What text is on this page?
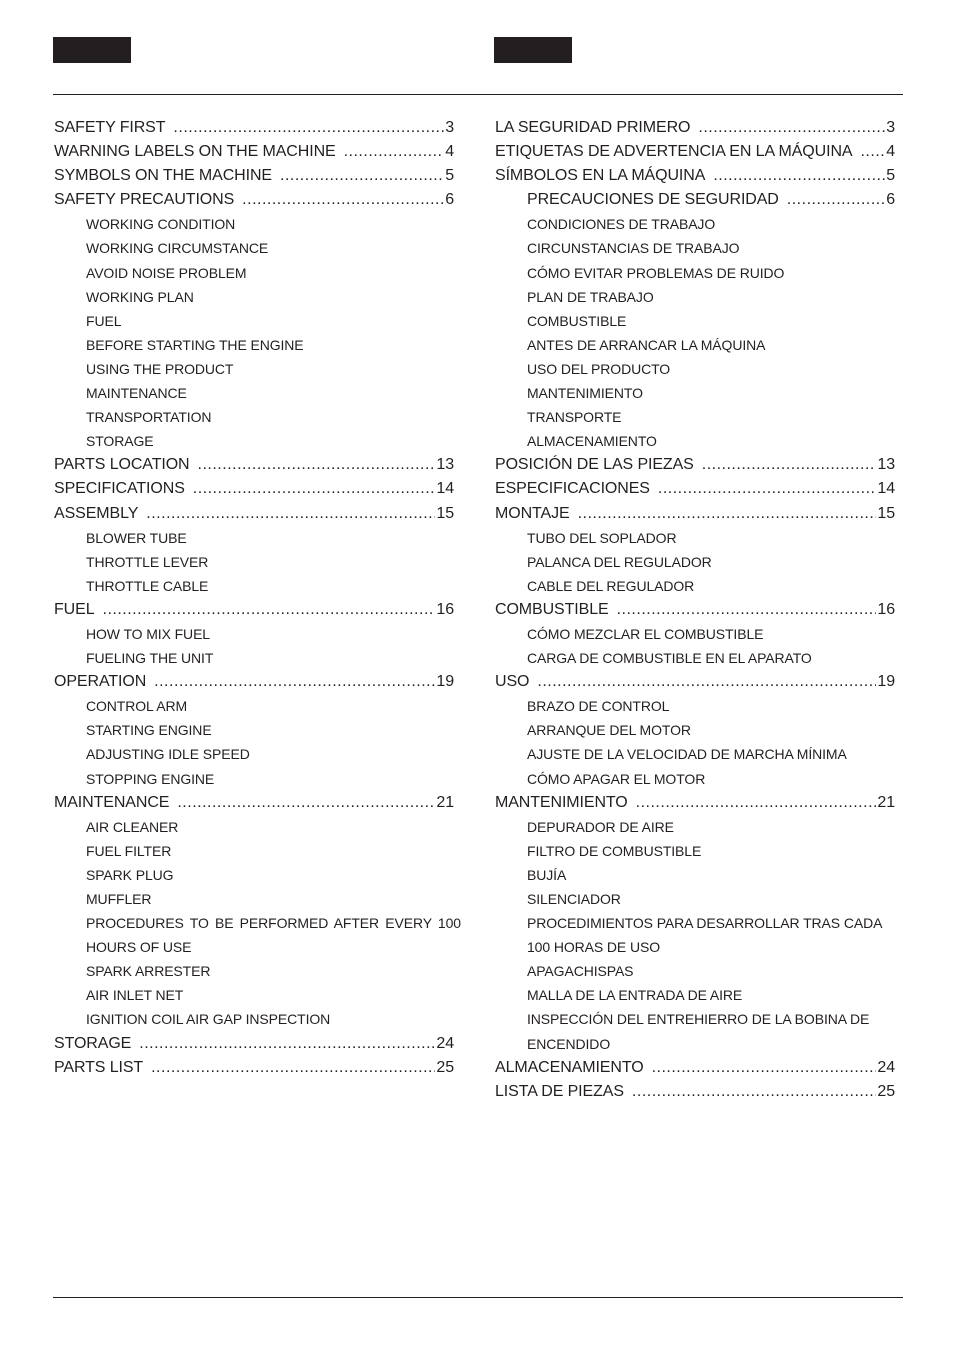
SAFETY FIRST .....	3
WARNING LABELS ON THE MACHINE .....	4
SYMBOLS ON THE MACHINE .....	5
SAFETY PRECAUTIONS .....	6
WORKING CONDITION
WORKING CIRCUMSTANCE
AVOID NOISE PROBLEM
WORKING PLAN
FUEL
BEFORE STARTING THE ENGINE
USING THE PRODUCT
MAINTENANCE
TRANSPORTATION
STORAGE
PARTS LOCATION .....	13
SPECIFICATIONS .....	14
ASSEMBLY .....	15
BLOWER TUBE
THROTTLE LEVER
THROTTLE CABLE
FUEL .....	16
HOW TO MIX FUEL
FUELING THE UNIT
OPERATION .....	19
CONTROL ARM
STARTING ENGINE
ADJUSTING IDLE SPEED
STOPPING ENGINE
MAINTENANCE .....	21
AIR CLEANER
FUEL FILTER
SPARK PLUG
MUFFLER
PROCEDURES TO BE PERFORMED AFTER EVERY 100
HOURS OF USE
SPARK ARRESTER
AIR INLET NET
IGNITION COIL AIR GAP INSPECTION
STORAGE .....	24
PARTS LIST .....	25
LA SEGURIDAD PRIMERO .....	3
ETIQUETAS DE ADVERTENCIA EN LA MÁQUINA ..... 4
SÍMBOLOS EN LA MÁQUINA .....	5
PRECAUCIONES DE SEGURIDAD .....	6
CONDICIONES DE TRABAJO
CIRCUNSTANCIAS DE TRABAJO
CÓMO EVITAR PROBLEMAS DE RUIDO
PLAN DE TRABAJO
COMBUSTIBLE
ANTES DE ARRANCAR LA MÁQUINA
USO DEL PRODUCTO
MANTENIMIENTO
TRANSPORTE
ALMACENAMIENTO
POSICIÓN DE LAS PIEZAS .....	13
ESPECIFICACIONES .....	14
MONTAJE .....	15
TUBO DEL SOPLADOR
PALANCA DEL REGULADOR
CABLE DEL REGULADOR
COMBUSTIBLE .....	16
CÓMO MEZCLAR EL COMBUSTIBLE
CARGA DE COMBUSTIBLE EN EL APARATO
USO .....	19
BRAZO DE CONTROL
ARRANQUE DEL MOTOR
AJUSTE DE LA VELOCIDAD DE MARCHA MÍNIMA
CÓMO APAGAR EL MOTOR
MANTENIMIENTO .....	21
DEPURADOR DE AIRE
FILTRO DE COMBUSTIBLE
BUJÍA
SILENCIADOR
PROCEDIMIENTOS PARA DESARROLLAR TRAS CADA
100 HORAS DE USO
APAGACHISPAS
MALLA DE LA ENTRADA DE AIRE
INSPECCIÓN DEL ENTREHIERRO DE LA BOBINA DE
ENCENDIDO
ALMACENAMIENTO .....	24
LISTA DE PIEZAS .....	25
